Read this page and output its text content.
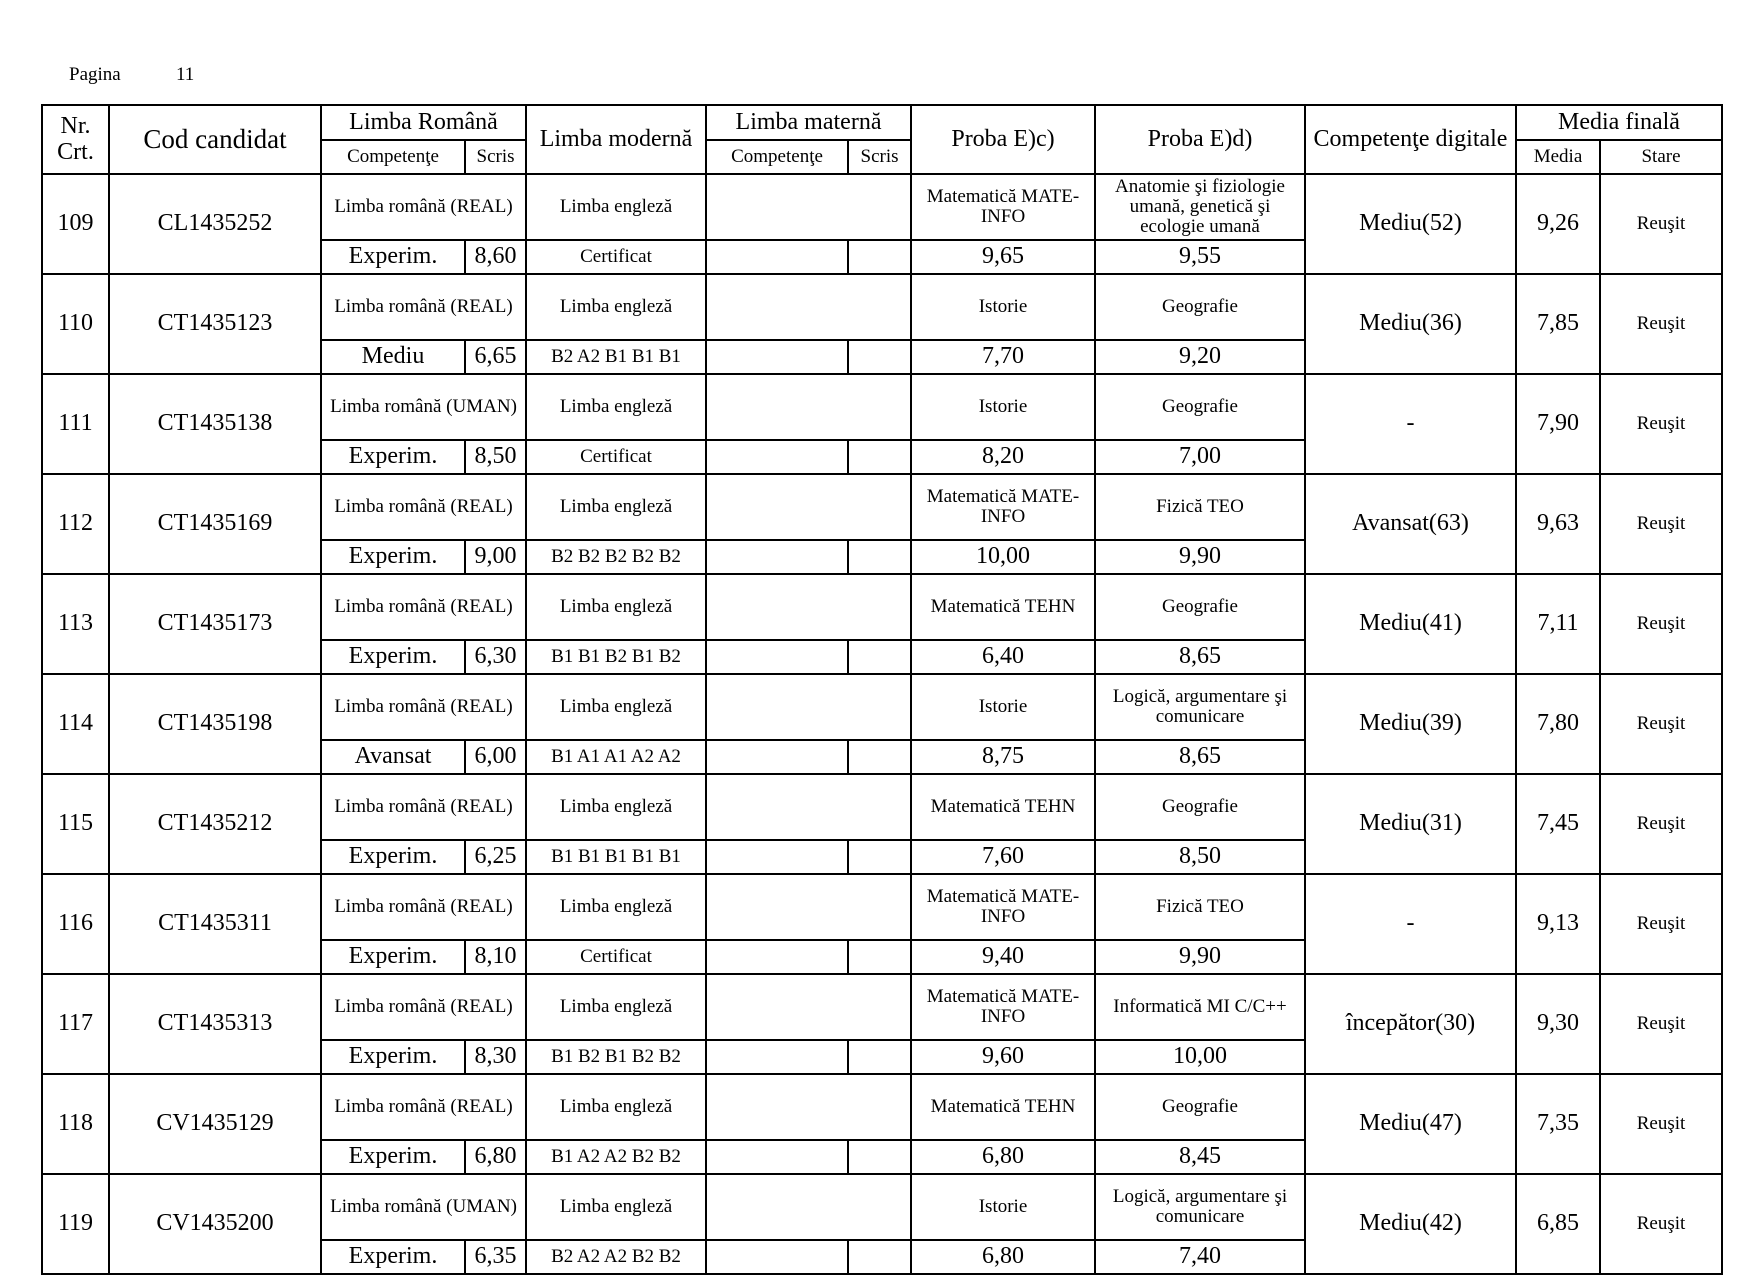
Pagina	11
Nr. Crt.	Cod candidat	Limba Română		Limba modernă	Limba maternă		Proba E)c)	Proba E)d)	Competenţe digitale	Media finală	
		Competenţe	Scris		Competenţe	Scris				Media	Stare
109	CL1435252	Limba română (REAL)		Limba engleză			Matematică MATE-INFO	Anatomie şi fiziologie umană, genetică şi ecologie umană	Mediu(52)	9,26	Reuşit
		Experim.	8,60	Certificat			9,65	9,55			
110	CT1435123	Limba română (REAL)		Limba engleză			Istorie	Geografie	Mediu(36)	7,85	Reuşit
		Mediu	6,65	B2 A2 B1 B1 B1			7,70	9,20			
111	CT1435138	Limba română (UMAN)		Limba engleză			Istorie	Geografie	-	7,90	Reuşit
		Experim.	8,50	Certificat			8,20	7,00			
112	CT1435169	Limba română (REAL)		Limba engleză			Matematică MATE-INFO	Fizică TEO	Avansat(63)	9,63	Reuşit
		Experim.	9,00	B2 B2 B2 B2 B2			10,00	9,90			
113	CT1435173	Limba română (REAL)		Limba engleză			Matematică TEHN	Geografie	Mediu(41)	7,11	Reuşit
		Experim.	6,30	B1 B1 B2 B1 B2			6,40	8,65			
114	CT1435198	Limba română (REAL)		Limba engleză			Istorie	Logică, argumentare şi comunicare	Mediu(39)	7,80	Reuşit
		Avansat	6,00	B1 A1 A1 A2 A2			8,75	8,65			
115	CT1435212	Limba română (REAL)		Limba engleză			Matematică TEHN	Geografie	Mediu(31)	7,45	Reuşit
		Experim.	6,25	B1 B1 B1 B1 B1			7,60	8,50			
116	CT1435311	Limba română (REAL)		Limba engleză			Matematică MATE-INFO	Fizică TEO	-	9,13	Reuşit
		Experim.	8,10	Certificat			9,40	9,90			
117	CT1435313	Limba română (REAL)		Limba engleză			Matematică MATE-INFO	Informatică MI C/C++	începător(30)	9,30	Reuşit
		Experim.	8,30	B1 B2 B1 B2 B2			9,60	10,00			
118	CV1435129	Limba română (REAL)		Limba engleză			Matematică TEHN	Geografie	Mediu(47)	7,35	Reuşit
		Experim.	6,80	B1 A2 A2 B2 B2			6,80	8,45			
119	CV1435200	Limba română (UMAN)		Limba engleză			Istorie	Logică, argumentare şi comunicare	Mediu(42)	6,85	Reuşit
		Experim.	6,35	B2 A2 A2 B2 B2			6,80	7,40			
